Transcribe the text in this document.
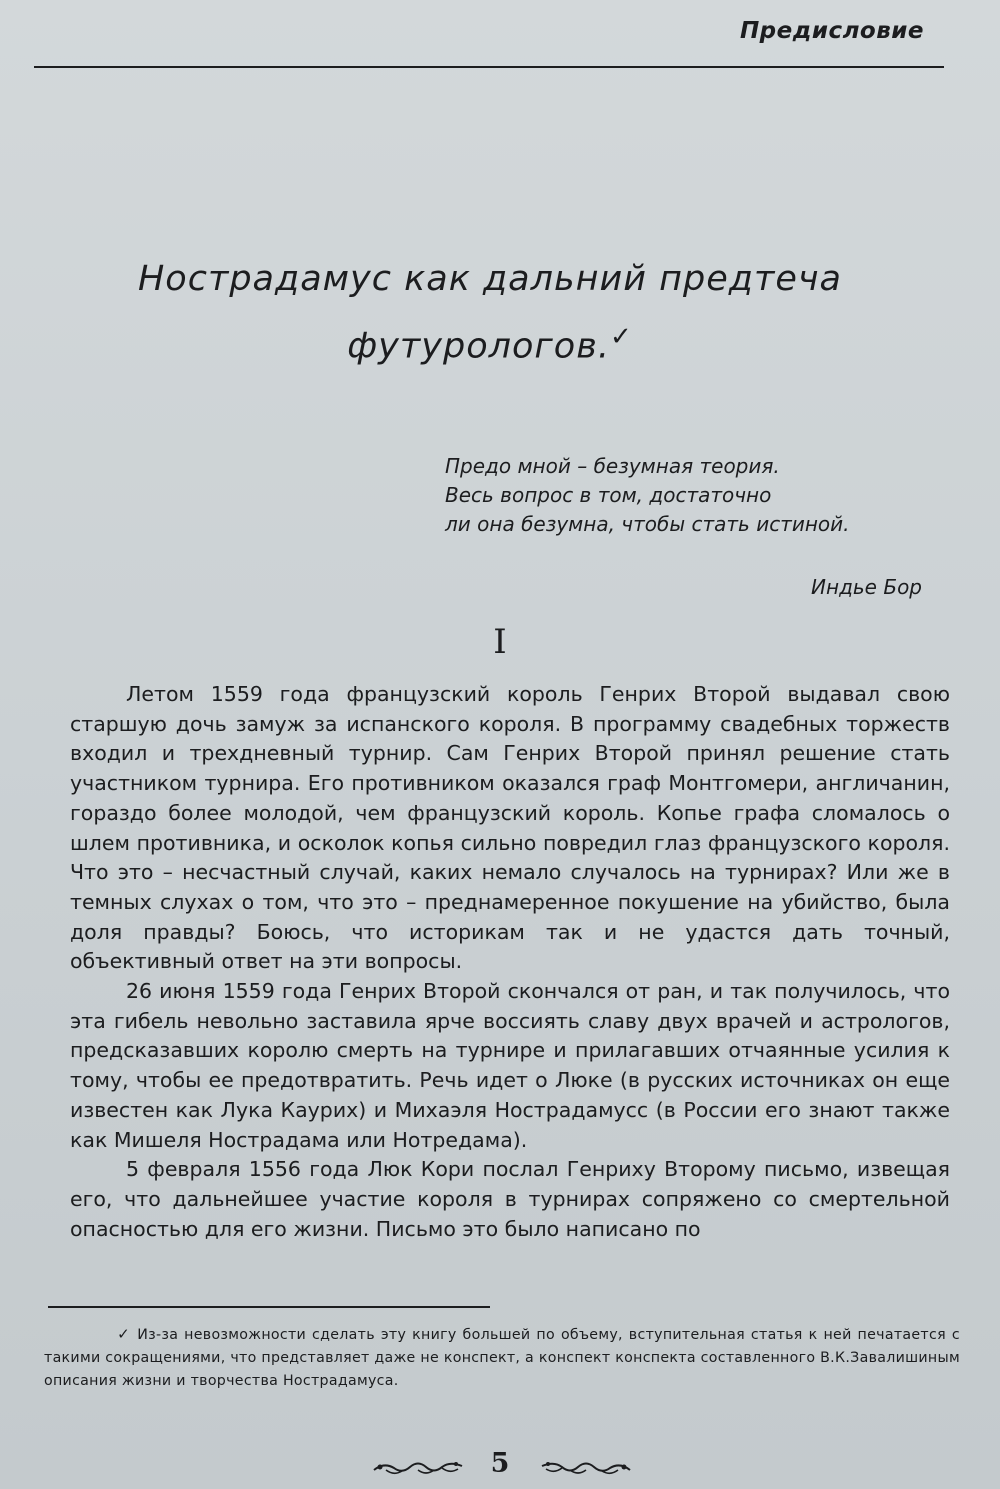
Предисловие
Нострадамус как дальний предтеча
футурологов.✓
Предо мной – безумная теория.
Весь вопрос в том, достаточно
ли она безумна, чтобы стать истиной.
Индье Бор
I

Летом 1559 года французский король Генрих Второй выдавал свою старшую дочь замуж за испанского короля. В программу свадебных торжеств входил и трехдневный турнир. Сам Генрих Второй принял решение стать участником турнира. Его противником оказался граф Монтгомери, англичанин, гораздо более молодой, чем французский король. Копье графа сломалось о шлем противника, и осколок копья сильно повредил глаз французского короля. Что это – несчастный случай, каких немало случалось на турнирах? Или же в темных слухах о том, что это – преднамеренное покушение на убийство, была доля правды? Боюсь, что историкам так и не удастся дать точный, объективный ответ на эти вопросы.

26 июня 1559 года Генрих Второй скончался от ран, и так получилось, что эта гибель невольно заставила ярче воссиять славу двух врачей и астрологов, предсказавших королю смерть на турнире и прилагавших отчаянные усилия к тому, чтобы ее предотвратить. Речь идет о Люке (в русских источниках он еще известен как Лука Каурих) и Михаэля Нострадамусс (в России его знают также как Мишеля Нострадама или Нотредама).

5 февраля 1556 года Люк Кори послал Генриху Второму письмо, извещая его, что дальнейшее участие короля в турнирах сопряжено со смертельной опасностью для его жизни. Письмо это было написано по

✓ Из-за невозможности сделать эту книгу большей по объему, вступительная статья к ней печатается с такими сокращениями, что представляет даже не конспект, а конспект конспекта составленного В.К.Завалишиным описания жизни и творчества Нострадамуса.
5
